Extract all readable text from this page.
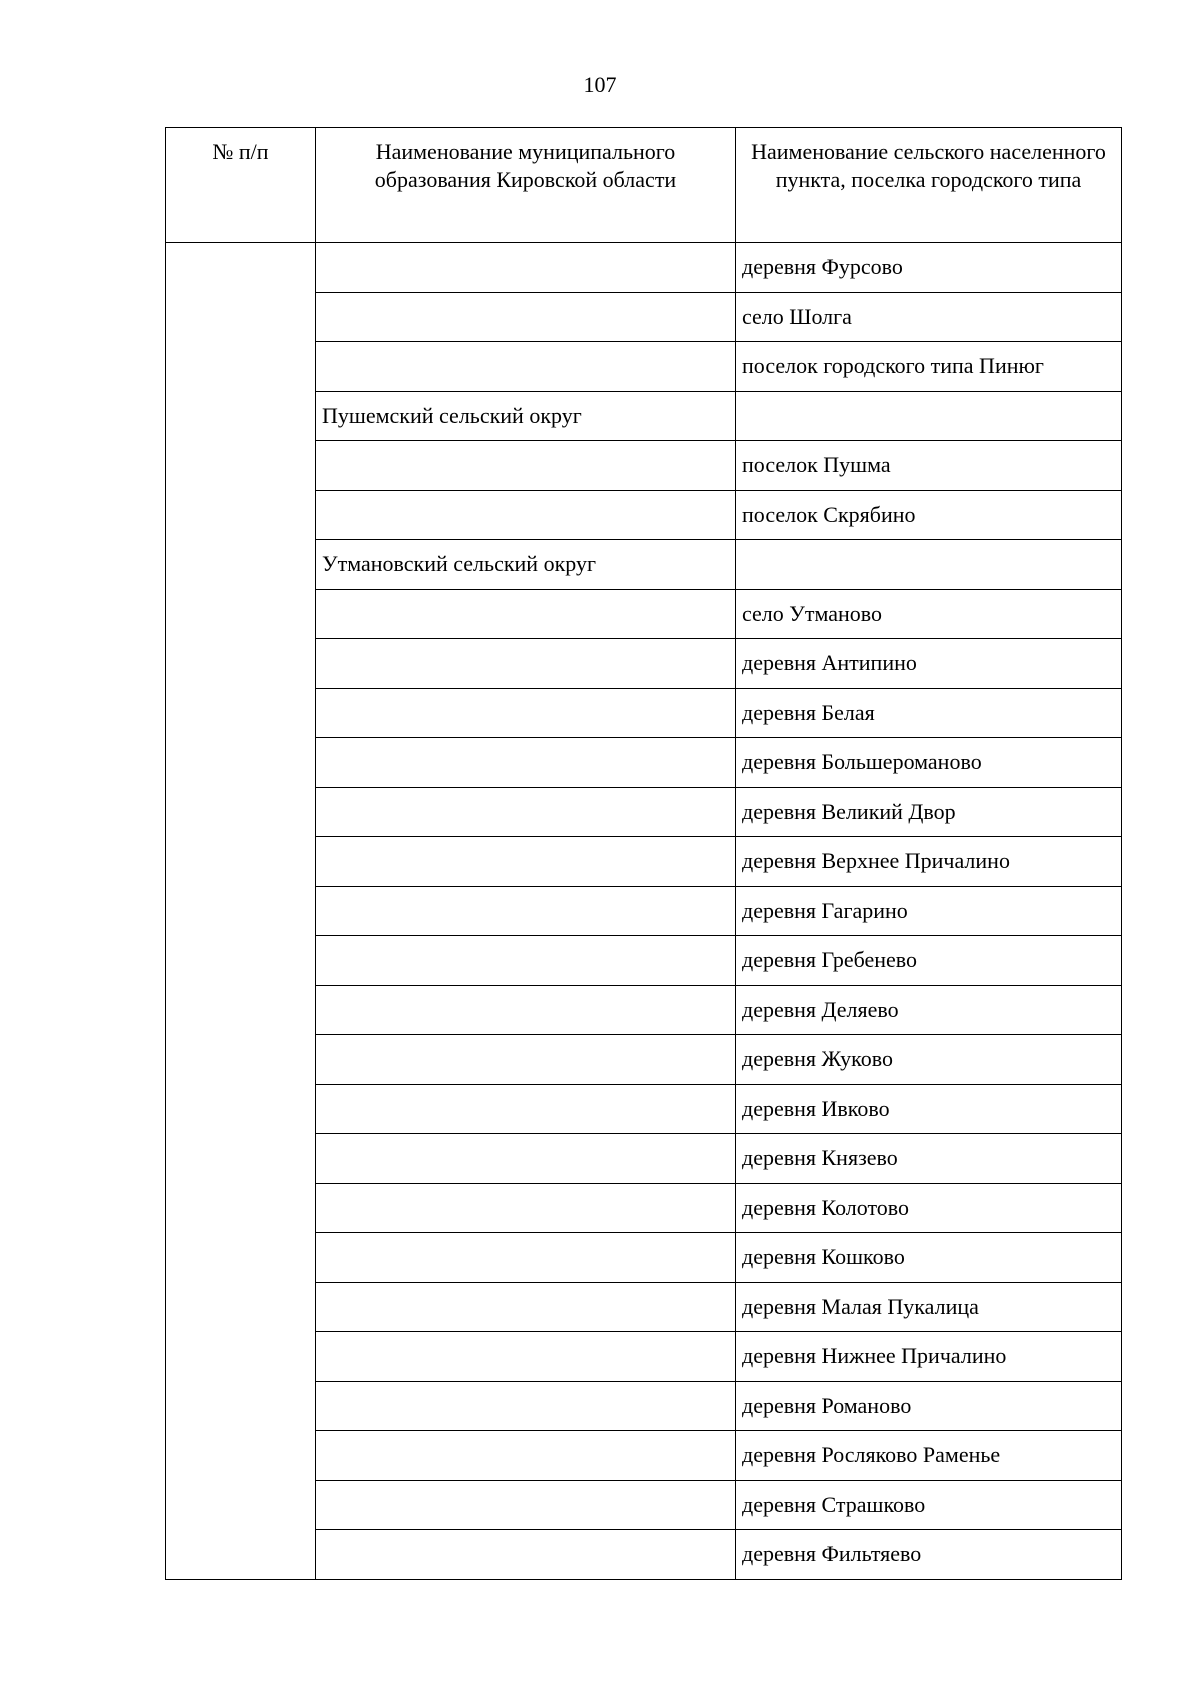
107
№ п/п	Наименование муниципального образования Кировской области	Наименование сельского населенного пункта, поселка городского типа
		деревня Фурсово
		село Шолга
		поселок городского типа Пинюг
	Пушемский сельский округ	
		поселок Пушма
		поселок Скрябино
	Утмановский сельский округ	
		село Утманово
		деревня Антипино
		деревня Белая
		деревня Большероманово
		деревня Великий Двор
		деревня Верхнее Причалино
		деревня Гагарино
		деревня Гребенево
		деревня Деляево
		деревня Жуково
		деревня Ивково
		деревня Князево
		деревня Колотово
		деревня Кошково
		деревня Малая Пукалица
		деревня Нижнее Причалино
		деревня Романово
		деревня Росляково Раменье
		деревня Страшково
		деревня Фильтяево
